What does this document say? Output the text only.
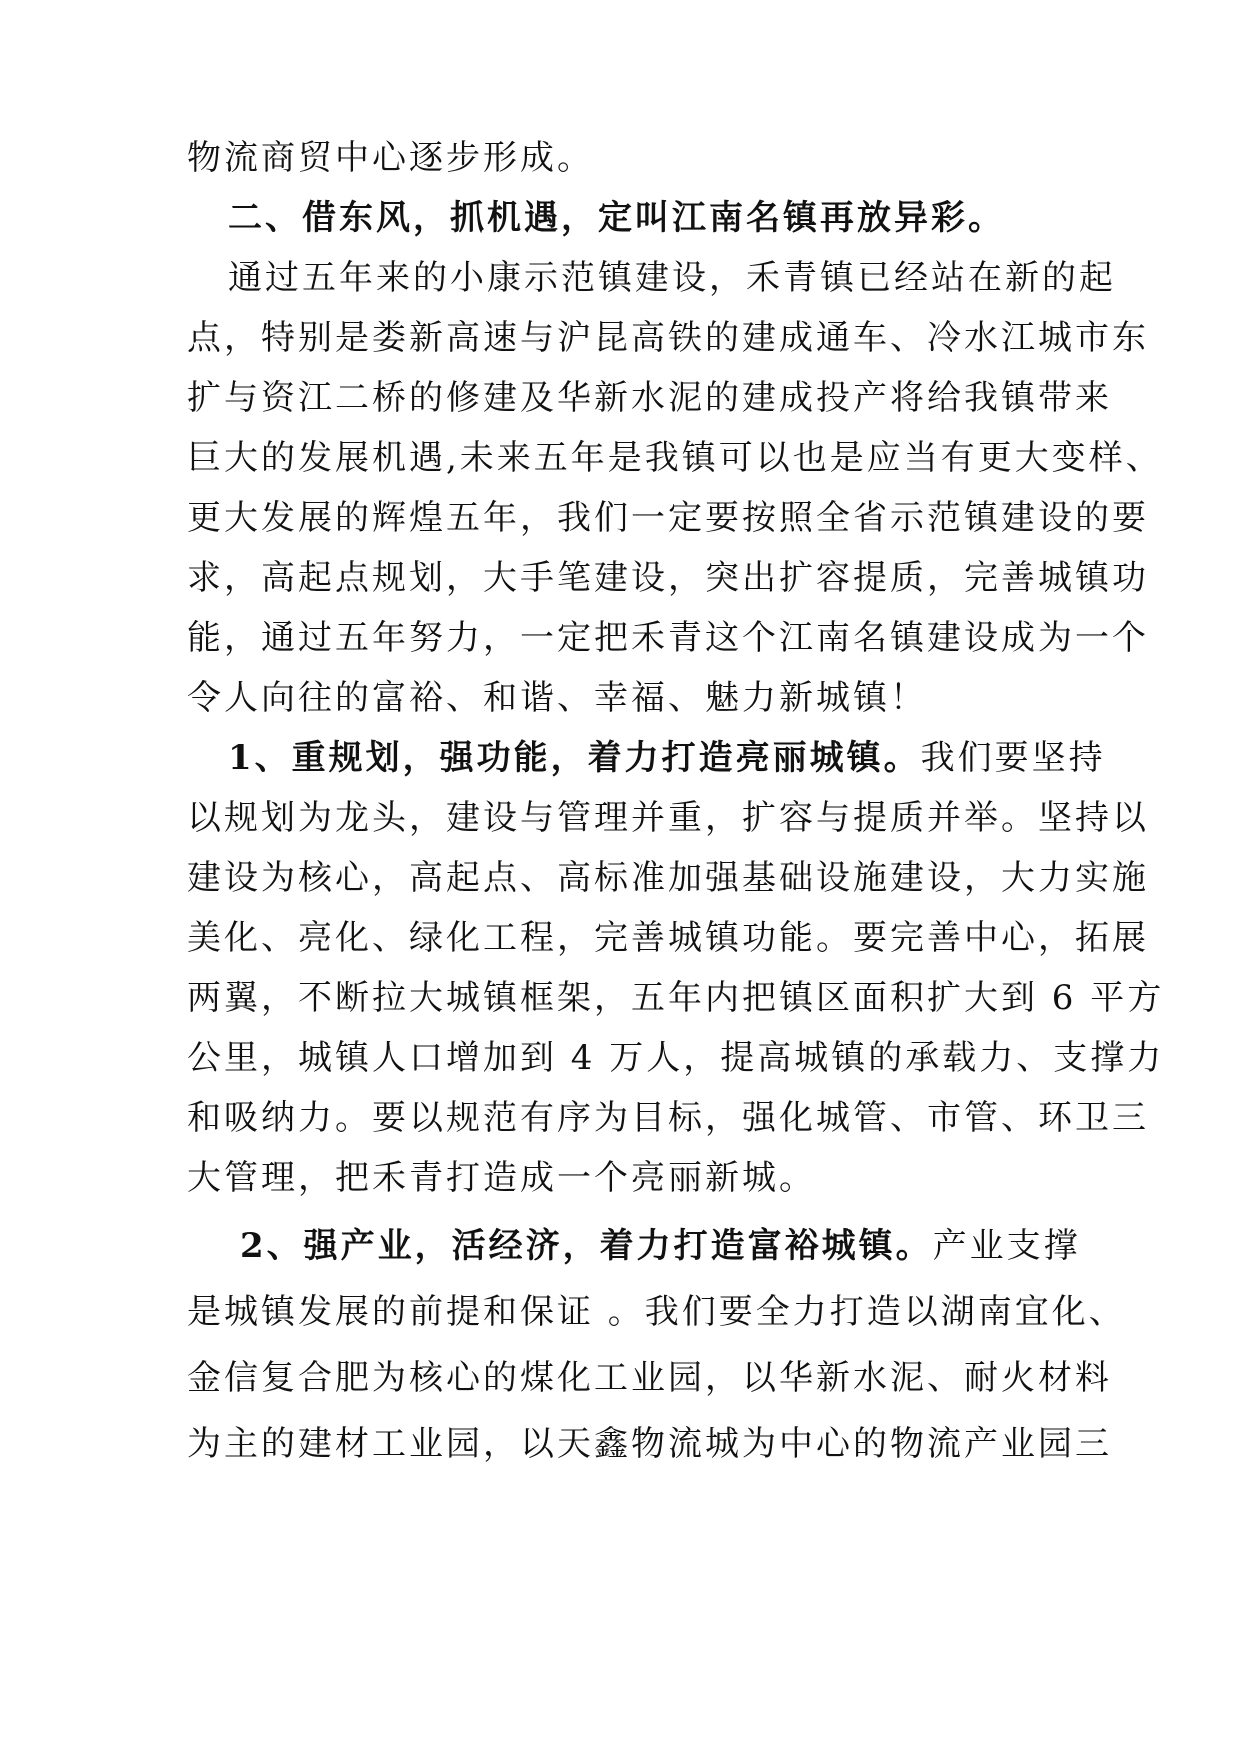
物流商贸中心逐步形成。
二、借东风，抓机遇，定叫江南名镇再放异彩。
通过五年来的小康示范镇建设，禾青镇已经站在新的起
点，特别是娄新高速与沪昆高铁的建成通车、冷水江城市东
扩与资江二桥的修建及华新水泥的建成投产将给我镇带来
巨大的发展机遇,未来五年是我镇可以也是应当有更大变样、
更大发展的辉煌五年，我们一定要按照全省示范镇建设的要
求，高起点规划，大手笔建设，突出扩容提质，完善城镇功
能，通过五年努力，一定把禾青这个江南名镇建设成为一个
令人向往的富裕、和谐、幸福、魅力新城镇！
1、重规划，强功能，着力打造亮丽城镇。我们要坚持
以规划为龙头，建设与管理并重，扩容与提质并举。坚持以
建设为核心，高起点、高标准加强基础设施建设，大力实施
美化、亮化、绿化工程，完善城镇功能。要完善中心，拓展
两翼，不断拉大城镇框架，五年内把镇区面积扩大到 6 平方
公里，城镇人口增加到 4 万人，提高城镇的承载力、支撑力
和吸纳力。要以规范有序为目标，强化城管、市管、环卫三
大管理，把禾青打造成一个亮丽新城。
2、强产业，活经济，着力打造富裕城镇。产业支撑
是城镇发展的前提和保证 。我们要全力打造以湖南宜化、
金信复合肥为核心的煤化工业园，以华新水泥、耐火材料
为主的建材工业园，以天鑫物流城为中心的物流产业园三
